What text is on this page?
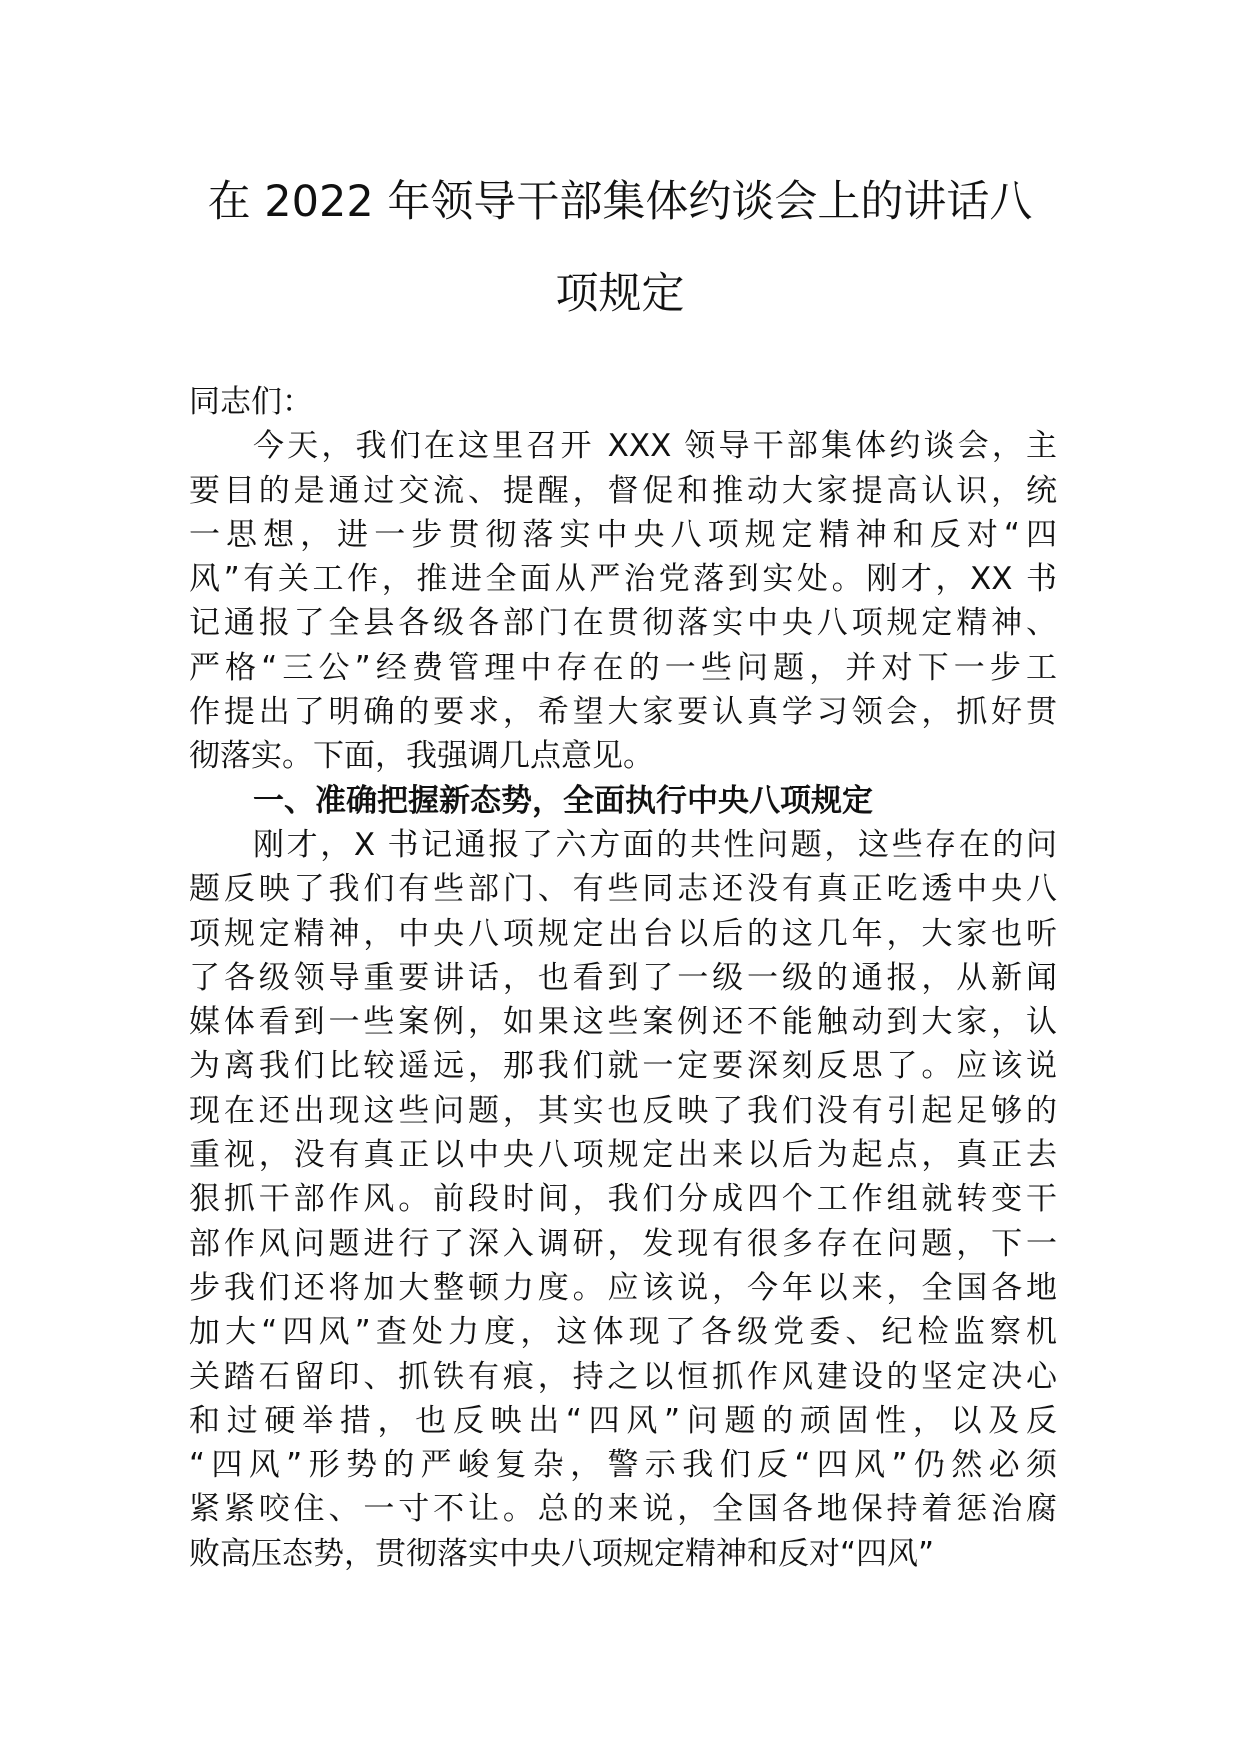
在 2022 年领导干部集体约谈会上的讲话八
项规定
同志们：
今天，我们在这里召开 XXX 领导干部集体约谈会，主
要目的是通过交流、提醒，督促和推动大家提高认识，统
一思想，进一步贯彻落实中央八项规定精神和反对“四
风”有关工作，推进全面从严治党落到实处。刚才，XX 书
记通报了全县各级各部门在贯彻落实中央八项规定精神、
严格“三公”经费管理中存在的一些问题，并对下一步工
作提出了明确的要求，希望大家要认真学习领会，抓好贯
彻落实。下面，我强调几点意见。
一、准确把握新态势，全面执行中央八项规定
刚才，X 书记通报了六方面的共性问题，这些存在的问
题反映了我们有些部门、有些同志还没有真正吃透中央八
项规定精神，中央八项规定出台以后的这几年，大家也听
了各级领导重要讲话，也看到了一级一级的通报，从新闻
媒体看到一些案例，如果这些案例还不能触动到大家，认
为离我们比较遥远，那我们就一定要深刻反思了。应该说
现在还出现这些问题，其实也反映了我们没有引起足够的
重视，没有真正以中央八项规定出来以后为起点，真正去
狠抓干部作风。前段时间，我们分成四个工作组就转变干
部作风问题进行了深入调研，发现有很多存在问题，下一
步我们还将加大整顿力度。应该说，今年以来，全国各地
加大“四风”查处力度，这体现了各级党委、纪检监察机
关踏石留印、抓铁有痕，持之以恒抓作风建设的坚定决心
和过硬举措，也反映出“四风”问题的顽固性，以及反
“四风”形势的严峻复杂，警示我们反“四风”仍然必须
紧紧咬住、一寸不让。总的来说，全国各地保持着惩治腐
败高压态势，贯彻落实中央八项规定精神和反对“四风”
